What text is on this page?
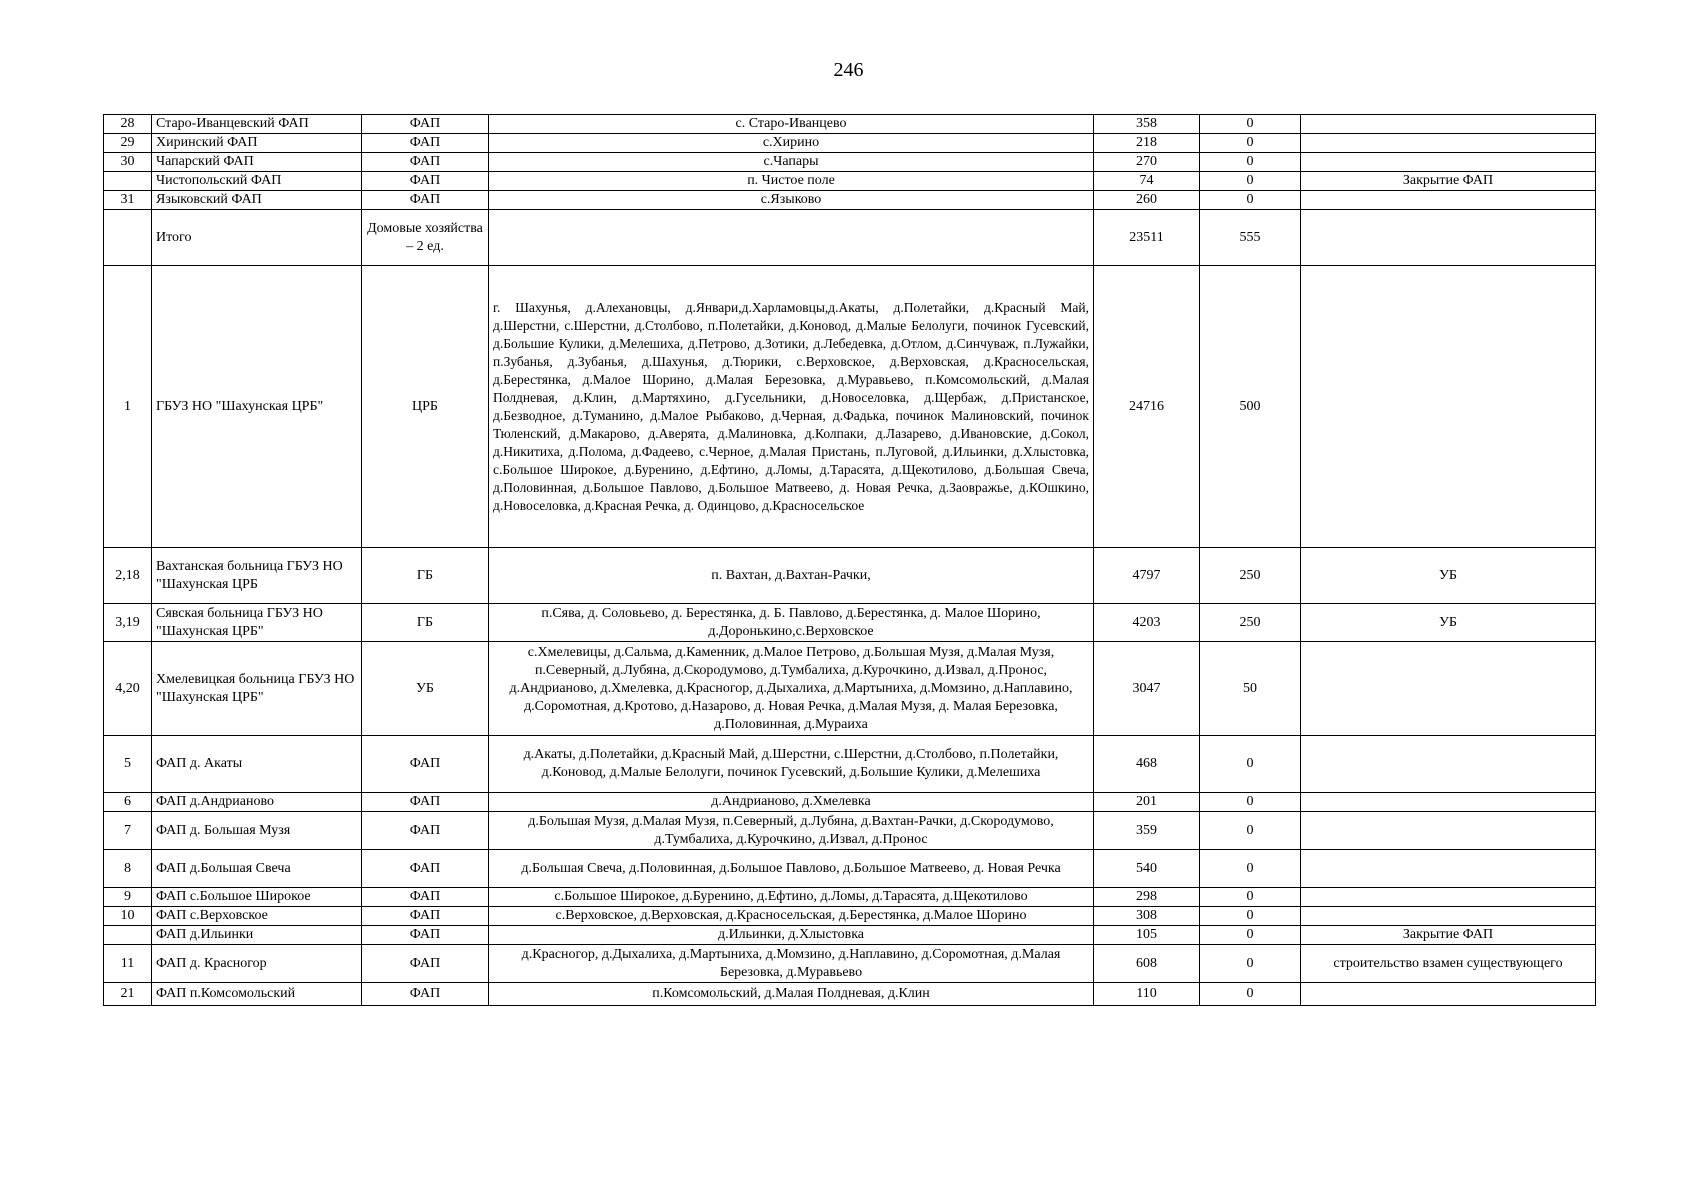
246
28	Старо-Иванцевский ФАП	ФАП	с. Старо-Иванцево	358	0	
29	Хиринский ФАП	ФАП	с.Хирино	218	0	
30	Чапарский ФАП	ФАП	с.Чапары	270	0	
	Чистопольский ФАП	ФАП	п. Чистое поле	74	0	Закрытие ФАП
31	Языковский ФАП	ФАП	с.Языково	260	0	
	Итого	Домовые хозяйства – 2 ед.		23511	555	
1	ГБУЗ НО "Шахунская ЦРБ"	ЦРБ	г. Шахунья, д.Алехановцы, д.Январи,д.Харламовцы,д.Акаты, д.Полетайки, д.Красный Май, д.Шерстни, с.Шерстни, д.Столбово, п.Полетайки, д.Коновод, д.Малые Белолуги, починок Гусевский, д.Большие Кулики, д.Мелешиха, д.Петрово, д.Зотики, д.Лебедевка, д.Отлом, д.Синчуваж, п.Лужайки, п.Зубанья, д.Зубанья, д.Шахунья, д.Тюрики, с.Верховское, д.Верховская, д.Красносельская, д.Берестянка, д.Малое Шорино, д.Малая Березовка, д.Муравьево, п.Комсомольский, д.Малая Полдневая, д.Клин, д.Мартяхино, д.Гусельники, д.Новоселовка, д.Щербаж, д.Пристанское, д.Безводное, д.Туманино, д.Малое Рыбаково, д.Черная, д.Фадька, починок Малиновский, починок Тюленский, д.Макарово, д.Аверята, д.Малиновка, д.Колпаки, д.Лазарево, д.Ивановские, д.Сокол, д.Никитиха, д.Полома, д.Фадеево, с.Черное, д.Малая Пристань, п.Луговой, д.Ильинки, д.Хлыстовка, с.Большое Широкое, д.Буренино, д.Ефтино, д.Ломы, д.Тарасята, д.Щекотилово, д.Большая Свеча, д.Половинная, д.Большое Павлово, д.Большое Матвеево, д. Новая Речка, д.Заовражье, д.КОшкино, д.Новоселовка, д.Красная Речка, д. Одинцово, д.Красносельское	24716	500	
2,18	Вахтанская больница ГБУЗ НО "Шахунская ЦРБ	ГБ	п. Вахтан, д.Вахтан-Рачки,	4797	250	УБ
3,19	Сявская больница ГБУЗ НО "Шахунская ЦРБ"	ГБ	п.Сява, д. Соловьево, д. Берестянка, д. Б. Павлово, д.Берестянка, д. Малое Шорино, д.Доронькино,с.Верховское	4203	250	УБ
4,20	Хмелевицкая больница ГБУЗ НО "Шахунская ЦРБ"	УБ	с.Хмелевицы, д.Сальма, д.Каменник, д.Малое Петрово, д.Большая Музя, д.Малая Музя, п.Северный, д.Лубяна, д.Скородумово, д.Тумбалиха, д.Курочкино, д.Извал, д.Пронос, д.Андрианово, д.Хмелевка, д.Красногор, д.Дыхалиха, д.Мартыниха, д.Момзино, д.Наплавино, д.Соромотная, д.Кротово, д.Назарово, д. Новая Речка, д.Малая Музя, д. Малая Березовка, д.Половинная, д.Мураиха	3047	50	
5	ФАП д. Акаты	ФАП	д.Акаты, д.Полетайки, д.Красный Май, д.Шерстни, с.Шерстни, д.Столбово, п.Полетайки, д.Коновод, д.Малые Белолуги, починок Гусевский, д.Большие Кулики, д.Мелешиха	468	0	
6	ФАП д.Андрианово	ФАП	д.Андрианово, д.Хмелевка	201	0	
7	ФАП д. Большая Музя	ФАП	д.Большая Музя, д.Малая Музя, п.Северный, д.Лубяна, д.Вахтан-Рачки, д.Скородумово, д.Тумбалиха, д.Курочкино, д.Извал, д.Пронос	359	0	
8	ФАП д.Большая Свеча	ФАП	д.Большая Свеча, д.Половинная, д.Большое Павлово, д.Большое Матвеево, д. Новая Речка	540	0	
9	ФАП с.Большое Широкое	ФАП	с.Большое Широкое, д.Буренино, д.Ефтино, д.Ломы, д.Тарасята, д.Щекотилово	298	0	
10	ФАП с.Верховское	ФАП	с.Верховское, д.Верховская, д.Красносельская, д.Берестянка, д.Малое Шорино	308	0	
	ФАП д.Ильинки	ФАП	д.Ильинки, д.Хлыстовка	105	0	Закрытие ФАП
11	ФАП д. Красногор	ФАП	д.Красногор, д.Дыхалиха, д.Мартыниха, д.Момзино, д.Наплавино, д.Соромотная, д.Малая Березовка, д.Муравьево	608	0	строительство взамен существующего
21	ФАП п.Комсомольский	ФАП	п.Комсомольский, д.Малая Полдневая, д.Клин	110	0	
